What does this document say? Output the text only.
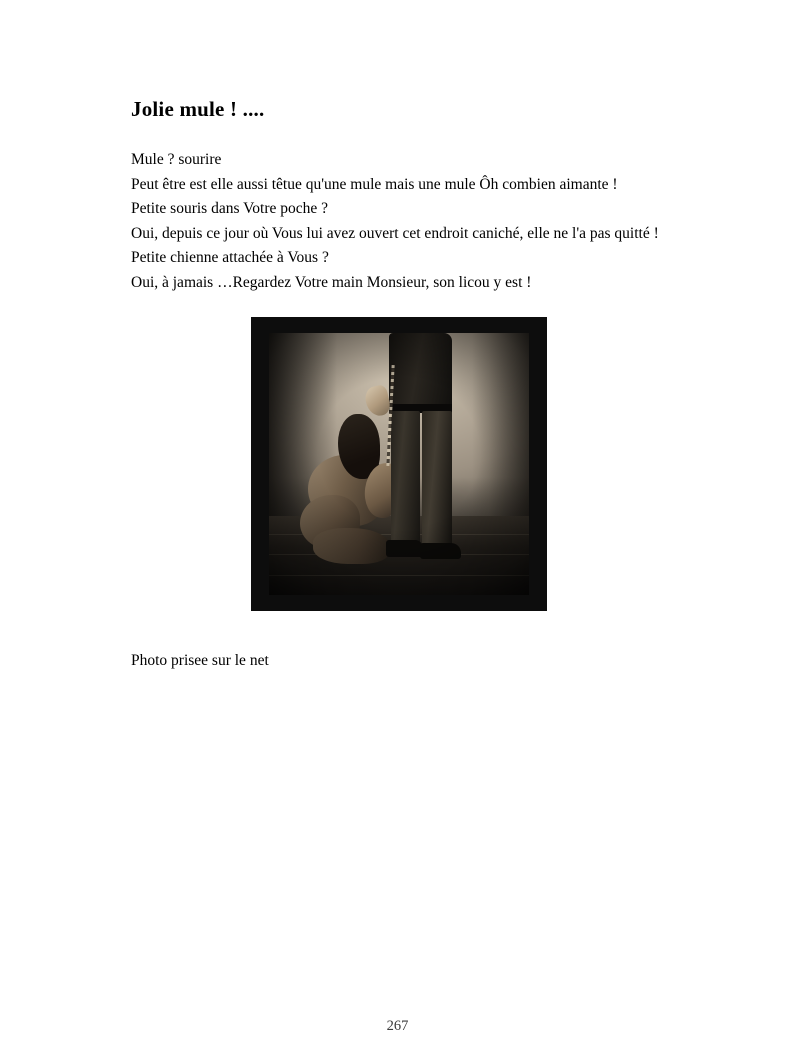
Jolie mule ! ....

Mule ? sourire

Peut être est elle aussi têtue qu'une mule mais une mule Ôh combien aimante !

Petite souris dans Votre poche ?

Oui, depuis ce jour où Vous lui avez ouvert cet endroit caniché, elle ne l'a pas quitté !

Petite chienne attachée à Vous ?

Oui, à jamais …Regardez Votre main Monsieur, son licou y est !

Photo prisee sur le net
267
